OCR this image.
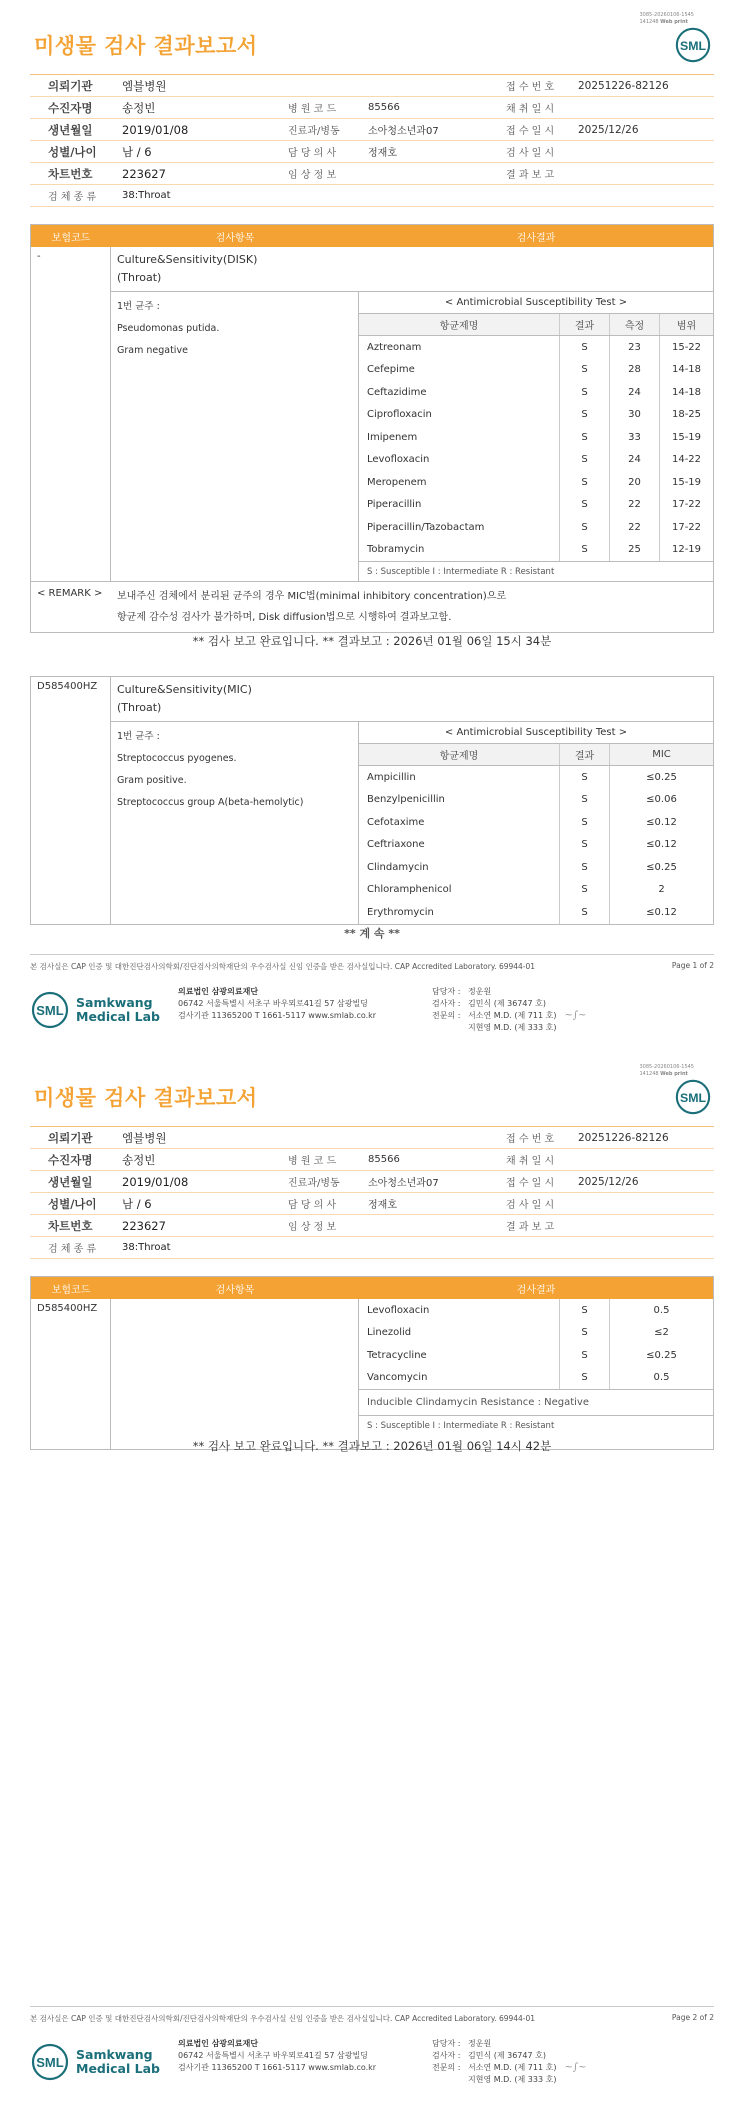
3085-20260106-1545
141248 Web print
미생물 검사 결과보고서	SML
의뢰기관	엠블병원	접 수 번 호	20251226-82126
수진자명	송정빈	병 원 코 드	85566	채 취 일 시
생년월일	2019/01/08	진료과/병동	소아청소년과07	접 수 일 시	2025/12/26
성별/나이	남 / 6	담 당 의 사	정재호	검 사 일 시
차트번호	223627	임 상 정 보	결 과 보 고
검 체 종 류	38:Throat
보험코드	검사항목	검사결과
-	Culture&Sensitivity(DISK)
(Throat)
1번 균주 :
Pseudomonas putida.
Gram negative
< Antimicrobial Susceptibility Test >
항균제명	결과	측정	범위
Aztreonam	S	23	15-22
Cefepime	S	28	14-18
Ceftazidime	S	24	14-18
Ciprofloxacin	S	30	18-25
Imipenem	S	33	15-19
Levofloxacin	S	24	14-22
Meropenem	S	20	15-19
Piperacillin	S	22	17-22
Piperacillin/Tazobactam	S	22	17-22
Tobramycin	S	25	12-19
S : Susceptible I : Intermediate R : Resistant
< REMARK >	보내주신 검체에서 분리된 균주의 경우 MIC법(minimal inhibitory concentration)으로
항균제 감수성 검사가 불가하며, Disk diffusion법으로 시행하여 결과보고함.
** 검사 보고 완료입니다. ** 결과보고 : 2026년 01월 06일 15시 34분
D585400HZ	Culture&Sensitivity(MIC)
(Throat)
1번 균주 :
Streptococcus pyogenes.
Gram positive.
Streptococcus group A(beta-hemolytic)
< Antimicrobial Susceptibility Test >
항균제명	결과	MIC
Ampicillin	S	≤0.25
Benzylpenicillin	S	≤0.06
Cefotaxime	S	≤0.12
Ceftriaxone	S	≤0.12
Clindamycin	S	≤0.25
Chloramphenicol	S	2
Erythromycin	S	≤0.12
** 계 속 **
본 검사실은 CAP 인증 및 대한진단검사의학회/진단검사의학재단의 우수검사실 신임 인증을 받은 검사실입니다. CAP Accredited Laboratory. 69944-01	Page 1 of 2
SML
Samkwang
Medical Lab
의료법인 삼광의료재단
06742 서울특별시 서초구 바우뫼로41길 57 삼광빌딩
검사기관 11365200 T 1661-5117 www.smlab.co.kr
담당자 : 정운원
검사자 : 김민식 (제 36747 호)
전문의 : 서소연 M.D. (제 711 호) ~∫~
지현영 M.D. (제 333 호)
3085-20260106-1545
141248 Web print
미생물 검사 결과보고서	SML
의뢰기관	엠블병원	접 수 번 호	20251226-82126
수진자명	송정빈	병 원 코 드	85566	채 취 일 시
생년월일	2019/01/08	진료과/병동	소아청소년과07	접 수 일 시	2025/12/26
성별/나이	남 / 6	담 당 의 사	정재호	검 사 일 시
차트번호	223627	임 상 정 보	결 과 보 고
검 체 종 류	38:Throat
보험코드	검사항목	검사결과
D585400HZ	Levofloxacin	S	0.5
Linezolid	S	≤2
Tetracycline	S	≤0.25
Vancomycin	S	0.5
Inducible Clindamycin Resistance : Negative
S : Susceptible I : Intermediate R : Resistant
** 검사 보고 완료입니다. ** 결과보고 : 2026년 01월 06일 14시 42분
본 검사실은 CAP 인증 및 대한진단검사의학회/진단검사의학재단의 우수검사실 신임 인증을 받은 검사실입니다. CAP Accredited Laboratory. 69944-01	Page 2 of 2
SML
Samkwang
Medical Lab
의료법인 삼광의료재단
06742 서울특별시 서초구 바우뫼로41길 57 삼광빌딩
검사기관 11365200 T 1661-5117 www.smlab.co.kr
담당자 : 정운원
검사자 : 김민식 (제 36747 호)
전문의 : 서소연 M.D. (제 711 호) ~∫~
지현영 M.D. (제 333 호)
